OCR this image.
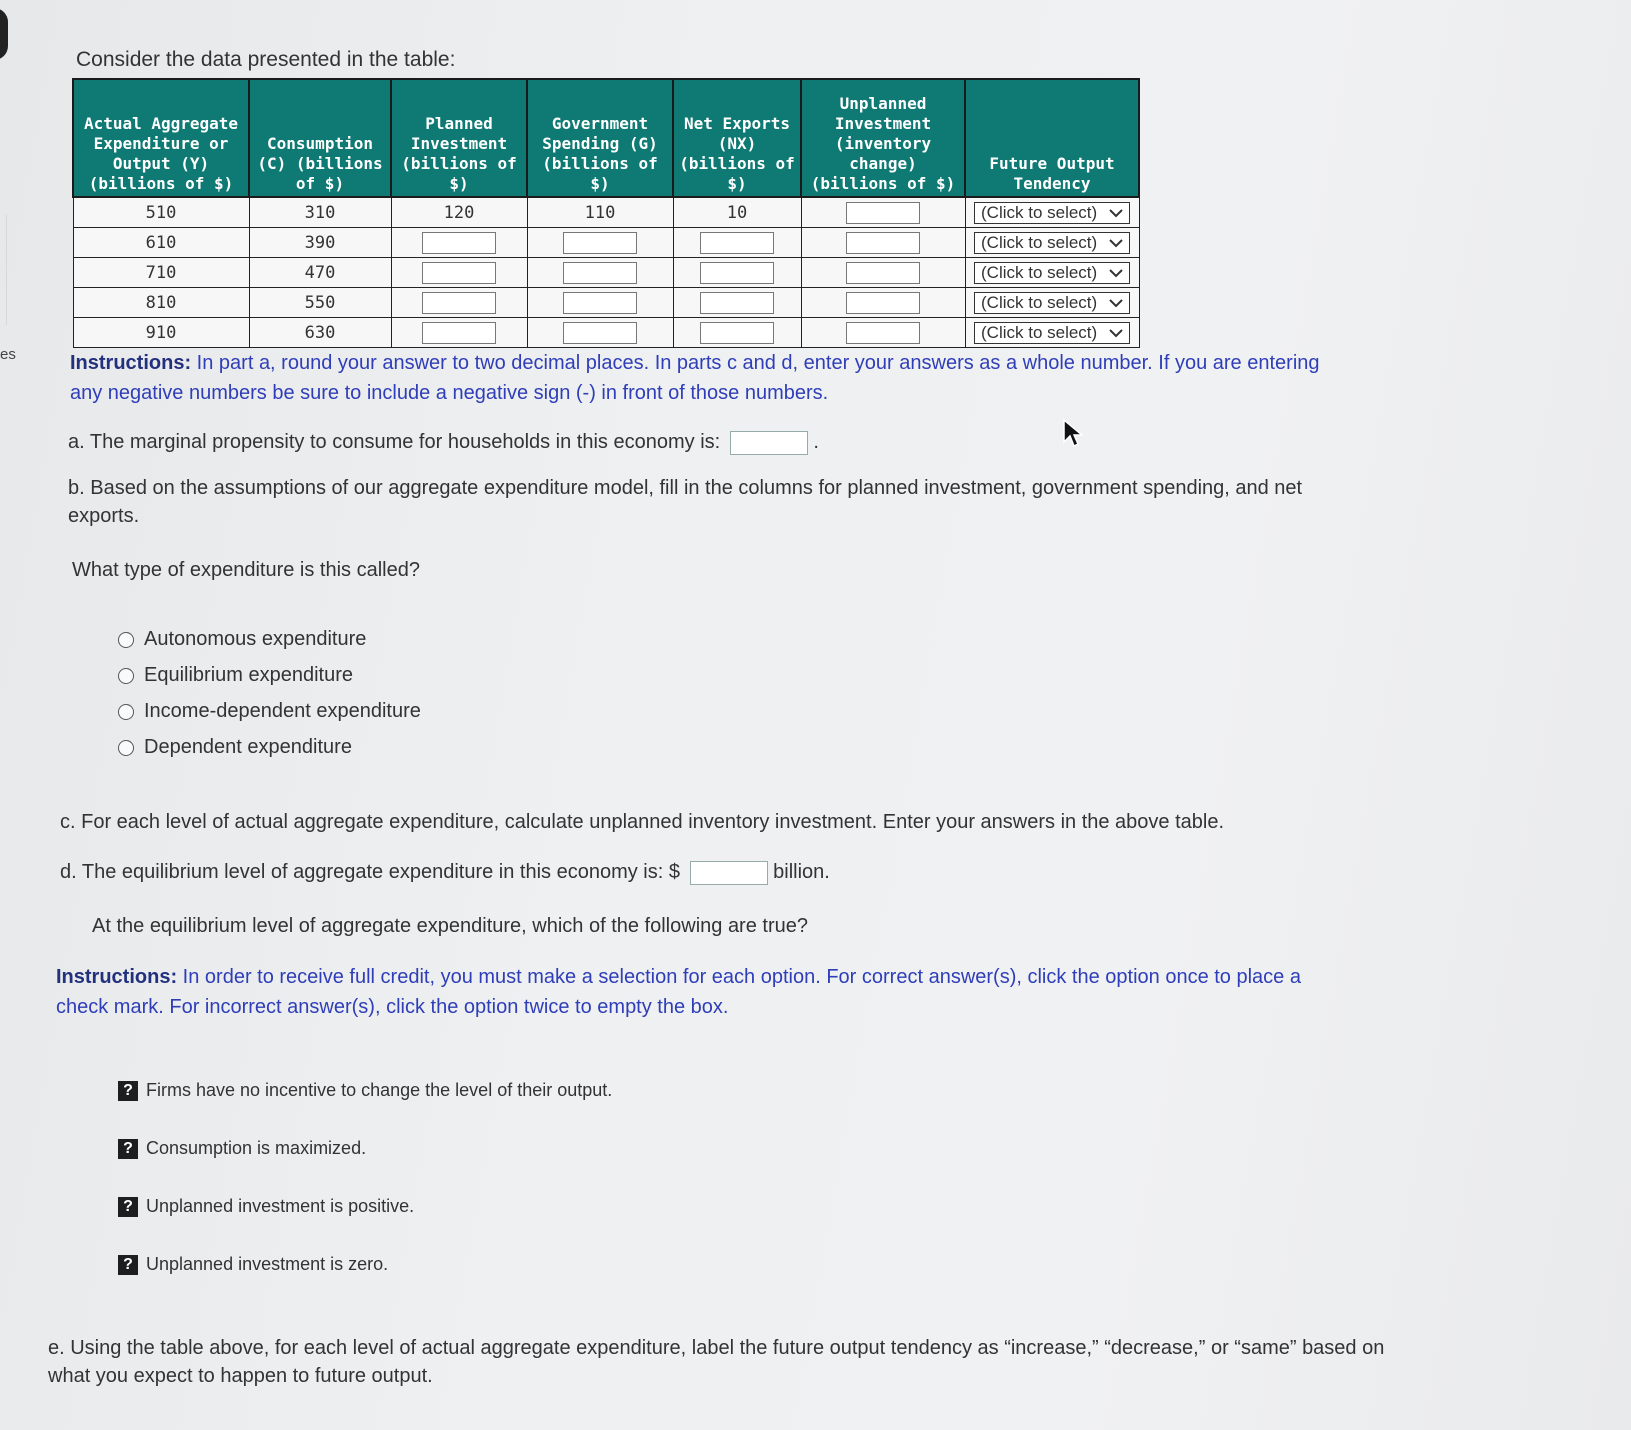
es
Consider the data presented in the table:
Actual Aggregate Expenditure or Output (Y) (billions of $)	Consumption (C) (billions of $)	Planned Investment (billions of $)	Government Spending (G) (billions of $)	Net Exports (NX) (billions of $)	Unplanned Investment (inventory change) (billions of $)	Future Output Tendency
510	310	120	110	10		(Click to select)

610	390					(Click to select)

710	470					(Click to select)

810	550					(Click to select)

910	630					(Click to select)
Instructions: In part a, round your answer to two decimal places. In parts c and d, enter your answers as a whole number. If you are entering any negative numbers be sure to include a negative sign (-) in front of those numbers.
a. The marginal propensity to consume for households in this economy is:	.
b. Based on the assumptions of our aggregate expenditure model, fill in the columns for planned investment, government spending, and net exports.
What type of expenditure is this called?
Autonomous expenditure
Equilibrium expenditure
Income-dependent expenditure
Dependent expenditure
c. For each level of actual aggregate expenditure, calculate unplanned inventory investment. Enter your answers in the above table.
d. The equilibrium level of aggregate expenditure in this economy is: $	billion.
At the equilibrium level of aggregate expenditure, which of the following are true?
Instructions: In order to receive full credit, you must make a selection for each option. For correct answer(s), click the option once to place a check mark. For incorrect answer(s), click the option twice to empty the box.
? Firms have no incentive to change the level of their output.
? Consumption is maximized.
? Unplanned investment is positive.
? Unplanned investment is zero.
e. Using the table above, for each level of actual aggregate expenditure, label the future output tendency as “increase,” “decrease,” or “same” based on what you expect to happen to future output.
